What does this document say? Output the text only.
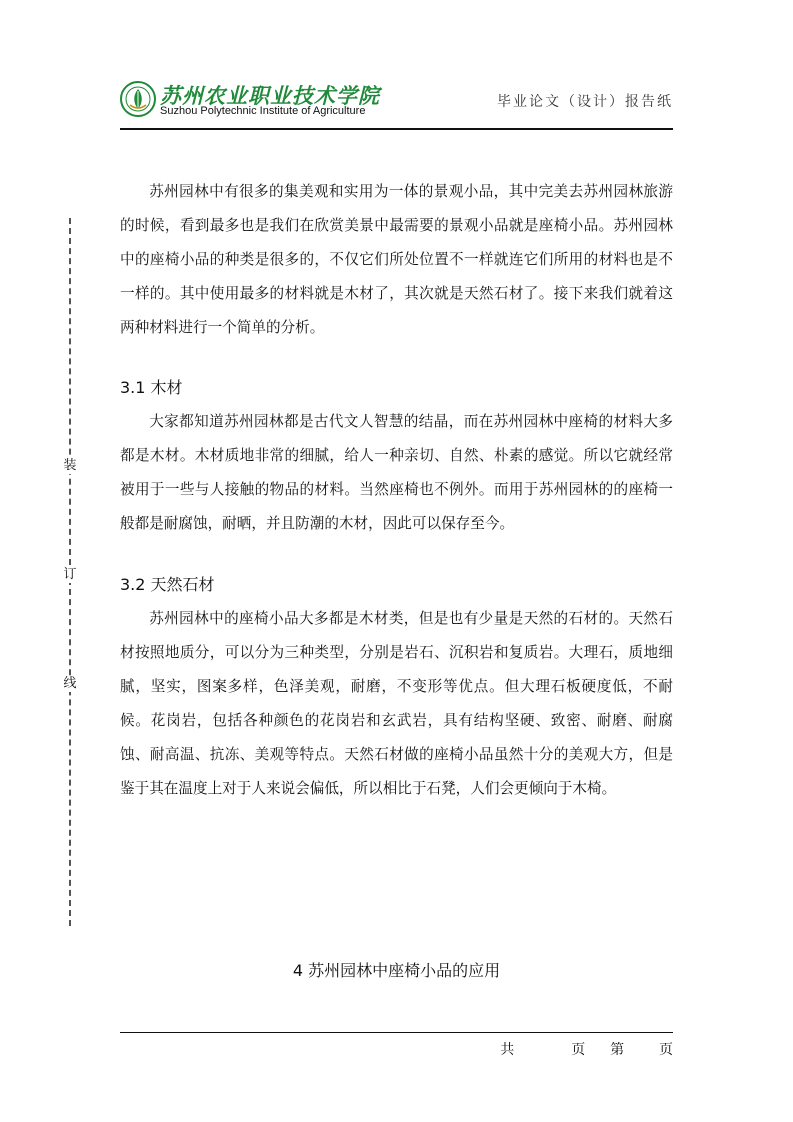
苏州农业职业技术学院
Suzhou Polytechnic Institute of Agriculture
毕业论文（设计）报告纸
装
订
线

苏州园林中有很多的集美观和实用为一体的景观小品，其中完美去苏州园林旅游的时候，看到最多也是我们在欣赏美景中最需要的景观小品就是座椅小品。苏州园林中的座椅小品的种类是很多的，不仅它们所处位置不一样就连它们所用的材料也是不一样的。其中使用最多的材料就是木材了，其次就是天然石材了。接下来我们就着这两种材料进行一个简单的分析。

3.1 木材

大家都知道苏州园林都是古代文人智慧的结晶，而在苏州园林中座椅的材料大多都是木材。木材质地非常的细腻，给人一种亲切、自然、朴素的感觉。所以它就经常被用于一些与人接触的物品的材料。当然座椅也不例外。而用于苏州园林的的座椅一般都是耐腐蚀，耐晒，并且防潮的木材，因此可以保存至今。

3.2 天然石材

苏州园林中的座椅小品大多都是木材类，但是也有少量是天然的石材的。天然石材按照地质分，可以分为三种类型，分别是岩石、沉积岩和复质岩。大理石，质地细腻，坚实，图案多样，色泽美观，耐磨，不变形等优点。但大理石板硬度低，不耐候。花岗岩，包括各种颜色的花岗岩和玄武岩，具有结构坚硬、致密、耐磨、耐腐蚀、耐高温、抗冻、美观等特点。天然石材做的座椅小品虽然十分的美观大方，但是鉴于其在温度上对于人来说会偏低，所以相比于石凳，人们会更倾向于木椅。

4 苏州园林中座椅小品的应用
共	页 第 页
